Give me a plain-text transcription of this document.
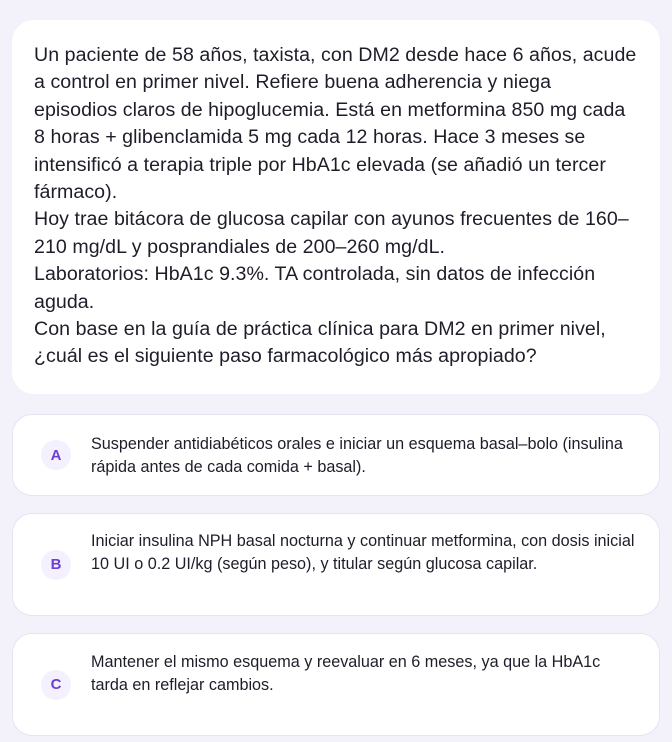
Un paciente de 58 años, taxista, con DM2 desde hace 6 años, acude a control en primer nivel. Refiere buena adherencia y niega episodios claros de hipoglucemia. Está en metformina 850 mg cada 8 horas + glibenclamida 5 mg cada 12 horas. Hace 3 meses se intensificó a terapia triple por HbA1c elevada (se añadió un tercer fármaco).

Hoy trae bitácora de glucosa capilar con ayunos frecuentes de 160–210 mg/dL y posprandiales de 200–260 mg/dL.

Laboratorios: HbA1c 9.3%. TA controlada, sin datos de infección aguda.

Con base en la guía de práctica clínica para DM2 en primer nivel, ¿cuál es el siguiente paso farmacológico más apropiado?

A
Suspender antidiabéticos orales e iniciar un esquema basal–bolo (insulina rápida antes de cada comida + basal).
B
Iniciar insulina NPH basal nocturna y continuar metformina, con dosis inicial 10 UI o 0.2 UI/kg (según peso), y titular según glucosa capilar.
C
Mantener el mismo esquema y reevaluar en 6 meses, ya que la HbA1c tarda en reflejar cambios.
